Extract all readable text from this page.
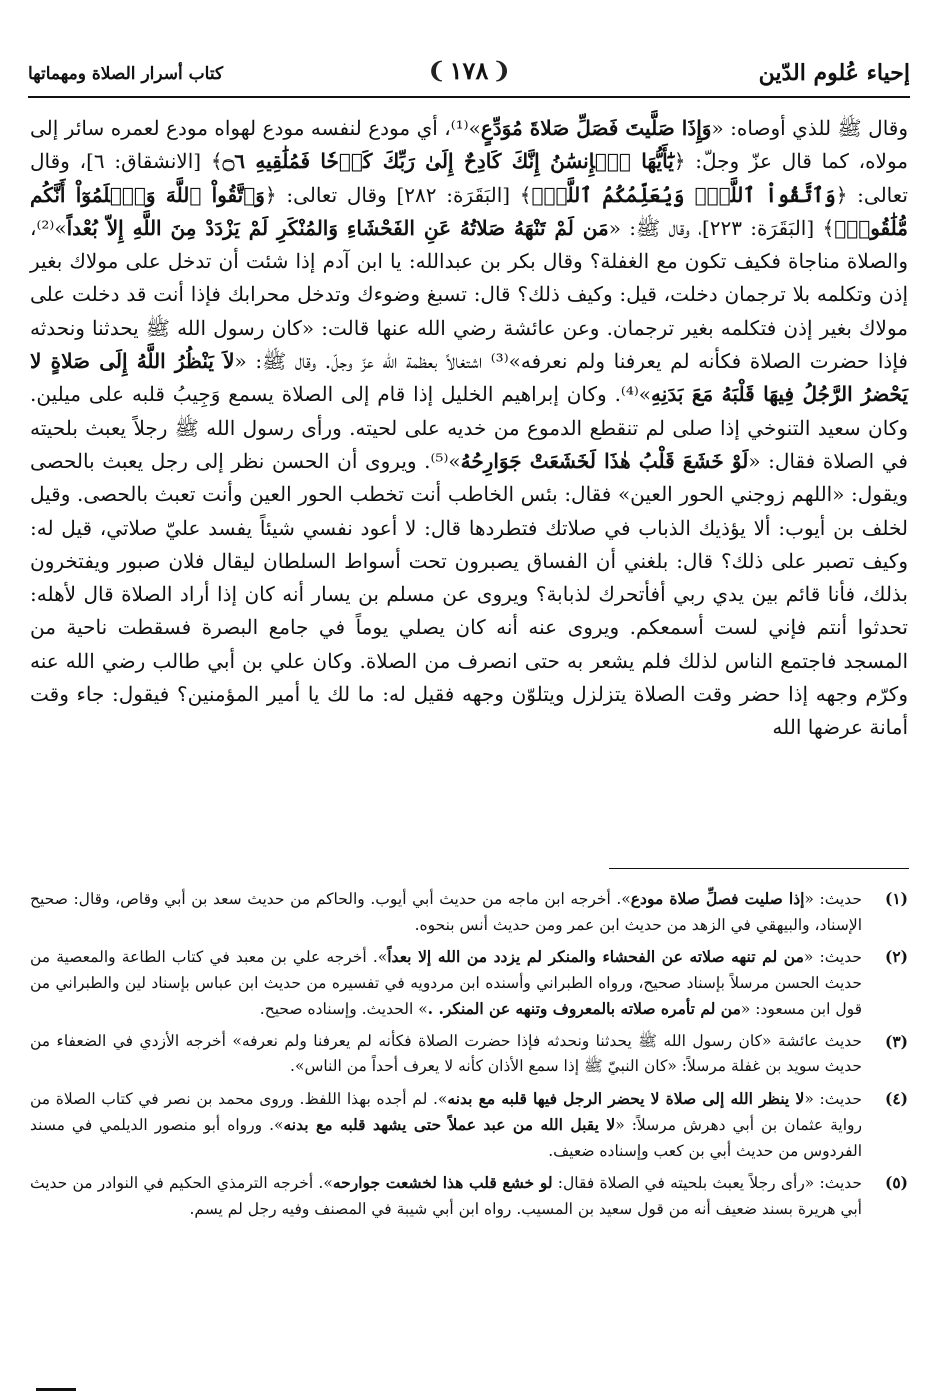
إحياء عُلوم الدّين
❨ ١٧٨ ❩
كتاب أسرار الصلاة ومهماتها

وقال ﷺ للذي أوصاه: «وَإِذَا صَلَّيتَ فَصَلِّ صَلاةَ مُوَدِّعٍ»⁽¹⁾، أي مودع لنفسه مودع لهواه مودع لعمره سائر إلى مولاه، كما قال عزّ وجلّ: ﴿يَٰٓأَيُّهَا ٱلۡإِنسَٰنُ إِنَّكَ كَادِحٌ إِلَىٰ رَبِّكَ كَدۡحٗا فَمُلَٰقِيهِ ۝٦﴾ [الانشقاق: ٦]، وقال تعالى: ﴿وَٱتَّقُواْ ٱللَّهَۖ وَيُعَلِّمُكُمُ ٱللَّهُۗ﴾ [البَقَرَة: ٢٨٢] وقال تعالى: ﴿وَٱتَّقُواْ ٱللَّهَ وَٱعۡلَمُوٓاْ أَنَّكُم مُّلَٰقُوهُۗ﴾ [البَقَرَة: ٢٢٣]، وقال ﷺ: «مَن لَمْ تَنْهَهُ صَلاتُهُ عَنِ الفَحْشَاءِ وَالمُنْكَرِ لَمْ يَزْدَدْ مِنَ اللَّهِ إِلاّ بُعْداً»⁽²⁾، والصلاة مناجاة فكيف تكون مع الغفلة؟ وقال بكر بن عبدالله: يا ابن آدم إذا شئت أن تدخل على مولاك بغير إذن وتكلمه بلا ترجمان دخلت، قيل: وكيف ذلك؟ قال: تسبغ وضوءك وتدخل محرابك فإذا أنت قد دخلت على مولاك بغير إذن فتكلمه بغير ترجمان. وعن عائشة رضي الله عنها قالت: «كان رسول الله ﷺ يحدثنا ونحدثه فإذا حضرت الصلاة فكأنه لم يعرفنا ولم نعرفه»⁽³⁾ اشتغالاً بعظمة الله عزّ وجلّ. وقال ﷺ: «لاَ يَنْظُرُ اللَّهُ إِلَى صَلاةٍ لا يَحْضرُ الرَّجُلُ فِيهَا قَلْبَهُ مَعَ بَدَنِهِ»⁽⁴⁾. وكان إبراهيم الخليل إذا قام إلى الصلاة يسمع وَجِيبُ قلبه على ميلين. وكان سعيد التنوخي إذا صلى لم تنقطع الدموع من خديه على لحيته. ورأى رسول الله ﷺ رجلاً يعبث بلحيته في الصلاة فقال: «لَوْ خَشَعَ قَلْبُ هٰذَا لَخَشَعَتْ جَوَارِحُهُ»⁽⁵⁾. ويروى أن الحسن نظر إلى رجل يعبث بالحصى ويقول: «اللهم زوجني الحور العين» فقال: بئس الخاطب أنت تخطب الحور العين وأنت تعبث بالحصى. وقيل لخلف بن أيوب: ألا يؤذيك الذباب في صلاتك فتطردها قال: لا أعود نفسي شيئاً يفسد عليّ صلاتي، قيل له: وكيف تصبر على ذلك؟ قال: بلغني أن الفساق يصبرون تحت أسواط السلطان ليقال فلان صبور ويفتخرون بذلك، فأنا قائم بين يدي ربي أفأتحرك لذبابة؟ ويروى عن مسلم بن يسار أنه كان إذا أراد الصلاة قال لأهله: تحدثوا أنتم فإني لست أسمعكم. ويروى عنه أنه كان يصلي يوماً في جامع البصرة فسقطت ناحية من المسجد فاجتمع الناس لذلك فلم يشعر به حتى انصرف من الصلاة. وكان علي بن أبي طالب رضي الله عنه وكرّم وجهه إذا حضر وقت الصلاة يتزلزل ويتلوّن وجهه فقيل له: ما لك يا أمير المؤمنين؟ فيقول: جاء وقت أمانة عرضها الله

(١)
حديث: «إذا صليت فصلِّ صلاة مودع». أخرجه ابن ماجه من حديث أبي أيوب. والحاكم من حديث سعد بن أبي وقاص، وقال: صحيح الإسناد، والبيهقي في الزهد من حديث ابن عمر ومن حديث أنس بنحوه.
(٢)
حديث: «من لم تنهه صلاته عن الفحشاء والمنكر لم يزدد من الله إلا بعداً». أخرجه علي بن معبد في كتاب الطاعة والمعصية من حديث الحسن مرسلاً بإسناد صحيح، ورواه الطبراني وأسنده ابن مردويه في تفسيره من حديث ابن عباس بإسناد لين والطبراني من قول ابن مسعود: «من لم تأمره صلاته بالمعروف وتنهه عن المنكر. .» الحديث. وإسناده صحيح.
(٣)
حديث عائشة «كان رسول الله ﷺ يحدثنا ونحدثه فإذا حضرت الصلاة فكأنه لم يعرفنا ولم نعرفه» أخرجه الأزدي في الضعفاء من حديث سويد بن غفلة مرسلاً: «كان النبيّ ﷺ إذا سمع الأذان كأنه لا يعرف أحداً من الناس».
(٤)
حديث: «لا ينظر الله إلى صلاة لا يحضر الرجل فيها قلبه مع بدنه». لم أجده بهذا اللفظ. وروى محمد بن نصر في كتاب الصلاة من رواية عثمان بن أبي دهرش مرسلاً: «لا يقبل الله من عبد عملاً حتى يشهد قلبه مع بدنه». ورواه أبو منصور الديلمي في مسند الفردوس من حديث أبي بن كعب وإسناده ضعيف.
(٥)
حديث: «رأى رجلاً يعبث بلحيته في الصلاة فقال: لو خشع قلب هذا لخشعت جوارحه». أخرجه الترمذي الحكيم في النوادر من حديث أبي هريرة بسند ضعيف أنه من قول سعيد بن المسيب. رواه ابن أبي شيبة في المصنف وفيه رجل لم يسم.
